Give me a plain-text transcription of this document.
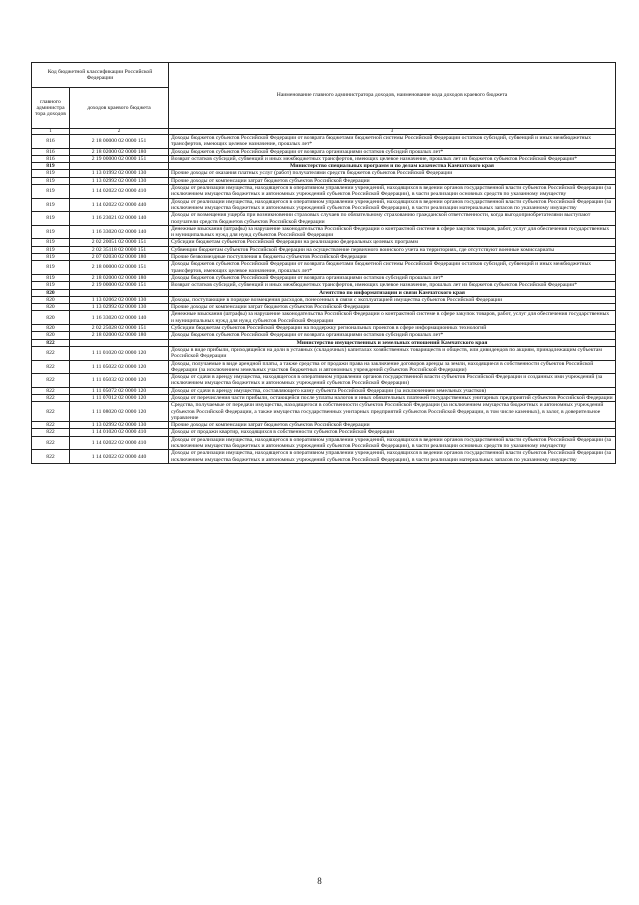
Код бюджетной классификации Российской Федерации		Наименование главного администратора доходов, наименование кода доходов краевого бюджета
главного администра тора доходов	доходов краевого бюджета	
1	2	3
816	2 18 00000 02 0000 151	Доходы бюджетов субъектов Российской Федерации от возврата бюджетами бюджетной системы Российской Федерации остатков субсидий, субвенций и иных межбюджетных трансфертов, имеющих целевое назначение, прошлых лет*
816	2 18 02000 02 0000 180	Доходы бюджетов субъектов Российской Федерации от возврата организациями остатков субсидий прошлых лет*
816	2 19 00000 02 0000 151	Возврат остатков субсидий, субвенций и иных межбюджетных трансфертов, имеющих целевое назначение, прошлых лет из бюджетов субъектов Российской Федерации*
819		Министерство специальных программ и по делам казачества Камчатского края
819	1 13 01992 02 0000 130	Прочие доходы от оказания платных услуг (работ) получателями средств бюджетов субъектов Российской Федерации
819	1 13 02992 02 0000 130	Прочие доходы от компенсации затрат бюджетов субъектов Российской Федерации
819	1 14 02022 02 0000 410	Доходы от реализации имущества, находящегося в оперативном управлении учреждений, находящихся в ведении органов государственной власти субъектов Российской Федерации (за исключением имущества бюджетных и автономных учреждений субъектов Российской Федерации), в части реализации основных средств по указанному имуществу
819	1 14 02022 02 0000 440	Доходы от реализации имущества, находящегося в оперативном управлении учреждений, находящихся в ведении органов государственной власти субъектов Российской Федерации (за исключением имущества бюджетных и автономных учреждений субъектов Российской Федерации), в части реализации материальных запасов по указанному имуществу
819	1 16 23021 02 0000 140	Доходы от возмещения ущерба при возникновении страховых случаев по обязательному страхованию гражданской ответственности, когда выгодоприобретателями выступают получатели средств бюджетов субъектов Российской Федерации
819	1 16 33020 02 0000 140	Денежные взыскания (штрафы) за нарушение законодательства Российской Федерации о контрактной системе в сфере закупок товаров, работ, услуг для обеспечения государственных и муниципальных нужд для нужд субъектов Российской Федерации
819	2 02 20051 02 0000 151	Субсидии бюджетам субъектов Российской Федерации на реализацию федеральных целевых программ
819	2 02 35118 02 0000 151	Субвенции бюджетам субъектов Российской Федерации на осуществление первичного воинского учета на территориях, где отсутствуют военные комиссариаты
819	2 07 02030 02 0000 180	Прочие безвозмездные поступления в бюджеты субъектов Российской Федерации
819	2 18 00000 02 0000 151	Доходы бюджетов субъектов Российской Федерации от возврата бюджетами бюджетной системы Российской Федерации остатков субсидий, субвенций и иных межбюджетных трансфертов, имеющих целевое назначение, прошлых лет*
819	2 18 02000 02 0000 180	Доходы бюджетов субъектов Российской Федерации от возврата организациями остатков субсидий прошлых лет*
819	2 19 00000 02 0000 151	Возврат остатков субсидий, субвенций и иных межбюджетных трансфертов, имеющих целевое назначение, прошлых лет из бюджетов субъектов Российской Федерации*
820		Агентство по информатизации и связи Камчатского края
820	1 13 02062 02 0000 130	Доходы, поступающие в порядке возмещения расходов, понесенных в связи с эксплуатацией имущества субъектов Российской Федерации
820	1 13 02992 02 0000 130	Прочие доходы от компенсации затрат бюджетов субъектов Российской Федерации
820	1 16 33020 02 0000 140	Денежные взыскания (штрафы) за нарушение законодательства Российской Федерации о контрактной системе в сфере закупок товаров, работ, услуг для обеспечения государственных и муниципальных нужд для нужд субъектов Российской Федерации
820	2 02 25028 02 0000 151	Субсидии бюджетам субъектов Российской Федерации на поддержку региональных проектов в сфере информационных технологий
820	2 18 02000 02 0000 180	Доходы бюджетов субъектов Российской Федерации от возврата организациями остатков субсидий прошлых лет*
822		Министерство имущественных и земельных отношений Камчатского края
822	1 11 01020 02 0000 120	Доходы в виде прибыли, приходящейся на доли в уставных (складочных) капиталах хозяйственных товариществ и обществ, или дивидендов по акциям, принадлежащим субъектам Российской Федерации
822	1 11 05022 02 0000 120	Доходы, получаемые в виде арендной платы, а также средства от продажи права на заключение договоров аренды за земли, находящиеся в собственности субъектов Российской Федерации (за исключением земельных участков бюджетных и автономных учреждений субъектов Российской Федерации)
822	1 11 05032 02 0000 120	Доходы от сдачи в аренду имущества, находящегося в оперативном управлении органов государственной власти субъектов Российской Федерации и созданных ими учреждений (за исключением имущества бюджетных и автономных учреждений субъектов Российской Федерации)
822	1 11 05072 02 0000 120	Доходы от сдачи в аренду имущества, составляющего казну субъекта Российской Федерации (за исключением земельных участков)
822	1 11 07012 02 0000 120	Доходы от перечисления части прибыли, остающейся после уплаты налогов и иных обязательных платежей государственных унитарных предприятий субъектов Российской Федерации
822	1 11 08020 02 0000 120	Средства, получаемые от передачи имущества, находящегося в собственности субъектов Российской Федерации (за исключением имущества бюджетных и автономных учреждений субъектов Российской Федерации, а также имущества государственных унитарных предприятий субъектов Российской Федерации, в том числе казенных), в залог, в доверительное управление
822	1 13 02992 02 0000 130	Прочие доходы от компенсации затрат бюджетов субъектов Российской Федерации
822	1 14 01020 02 0000 410	Доходы от продажи квартир, находящихся в собственности субъектов Российской Федерации
822	1 14 02022 02 0000 410	Доходы от реализации имущества, находящегося в оперативном управлении учреждений, находящихся в ведении органов государственной власти субъектов Российской Федерации (за исключением имущества бюджетных и автономных учреждений субъектов Российской Федерации), в части реализации основных средств по указанному имуществу
822	1 14 02022 02 0000 440	Доходы от реализации имущества, находящегося в оперативном управлении учреждений, находящихся в ведении органов государственной власти субъектов Российской Федерации (за исключением имущества бюджетных и автономных учреждений субъектов Российской Федерации), в части реализации материальных запасов по указанному имуществу
8
